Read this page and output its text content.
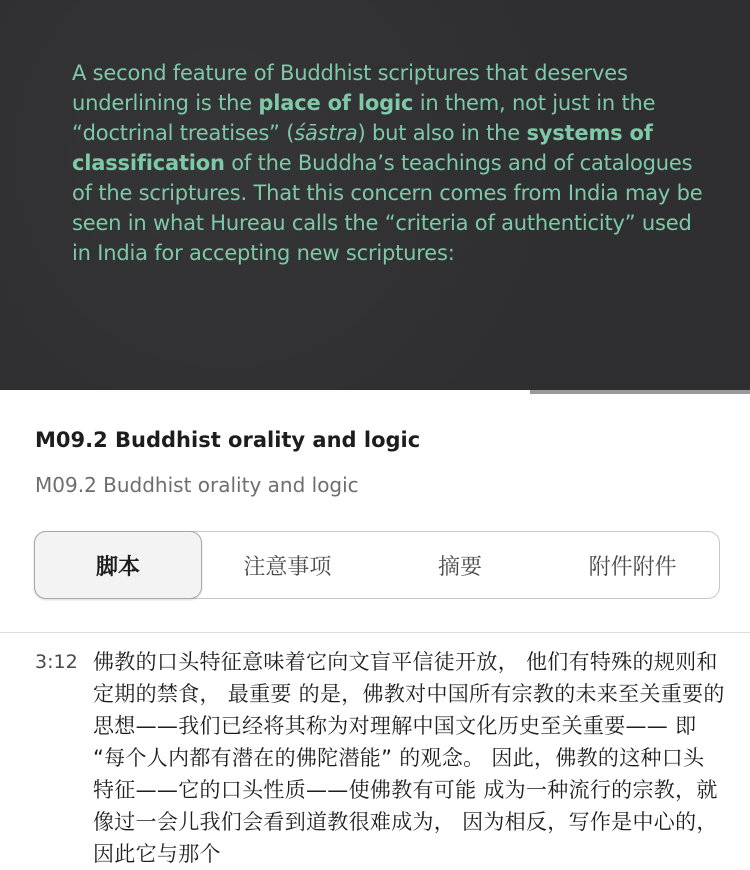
A second feature of Buddhist scriptures that deserves underlining is the place of logic in them, not just in the “doctrinal treatises” (śāstra) but also in the systems of classification of the Buddha’s teachings and of catalogues of the scriptures. That this concern comes from India may be seen in what Hureau calls the “criteria of authenticity” used in India for accepting new scriptures:
M09.2 Buddhist orality and logic
M09.2 Buddhist orality and logic
脚本	注意事项	摘要	附件附件
3:12 佛教的口头特征意味着它向文盲平信徒开放， 他们有特殊的规则和定期的禁食， 最重要 的是，佛教对中国所有宗教的未来至关重要的思想——我们已经将其称为对理解中国文化历史至关重要—— 即 “每个人内都有潜在的佛陀潜能” 的观念。 因此，佛教的这种口头特征——它的口头性质——使佛教有可能 成为一种流行的宗教，就像过一会儿我们会看到道教很难成为， 因为相反，写作是中心的， 因此它与那个
